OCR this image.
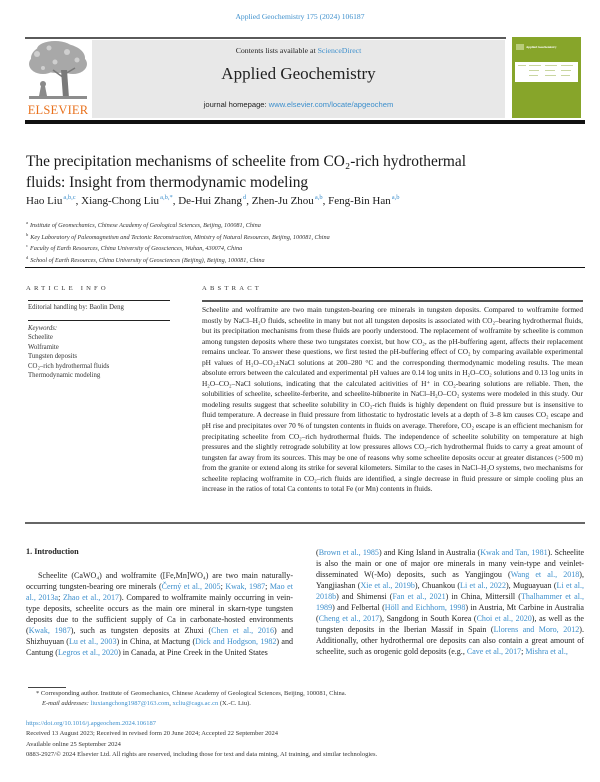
Applied Geochemistry 175 (2024) 106187
ELSEVIER
Contents lists available at ScienceDirect
Applied Geochemistry
journal homepage: www.elsevier.com/locate/apgeochem
Applied Geochemistry
The precipitation mechanisms of scheelite from CO₂-rich hydrothermal
fluids: Insight from thermodynamic modeling
Hao Liu$^{a,b,c}$, Xiang-Chong Liu$^{a,b,*}$, De-Hui Zhang$^d$, Zhen-Ju Zhou$^{a,b}$, Feng-Bin Han$^{a,b}$
$^a$ Institute of Geomechanics, Chinese Academy of Geological Sciences, Beijing, 100081, China
$^b$ Key Laboratory of Paleomagnetism and Tectonic Reconstruction, Ministry of Natural Resources, Beijing, 100081, China
$^c$ Faculty of Earth Resources, China University of Geosciences, Wuhan, 430074, China
$^d$ School of Earth Resources, China University of Geosciences (Beijing), Beijing, 100081, China
ARTICLE INFO
Editorial handling by: Baolin Deng
Keywords:
Scheelite
Wolframite
Tungsten deposits
CO₂–rich hydrothermal fluids
Thermodynamic modeling
ABSTRACT
Scheelite and wolframite are two main tungsten-bearing ore minerals in tungsten deposits. Compared to wolframite formed mostly by NaCl–H₂O fluids, scheelite in many but not all tungsten deposits is associated with CO₂–bearing hydrothermal fluids, but its precipitation mechanisms from these fluids are poorly understood. The replacement of wolframite by scheelite is common among tungsten deposits where these two tungstates coexist, but how CO₂, as the pH-buffering agent, affects their replacement remains unclear. To answer these questions, we first tested the pH-buffering effect of CO₂ by comparing available experimental pH values of H₂O–CO₂±NaCl solutions at 200–280 °C and the corresponding thermodynamic modeling results. The mean absolute errors between the calculated and experimental pH values are 0.14 log units in H₂O–CO₂ solutions and 0.13 log units in H₂O–CO₂–NaCl solutions, indicating that the calculated acitivities of H⁺ in CO₂-bearing solutions are reliable. Then, the solubilities of scheelite, scheelite-ferberite, and scheelite-hübnerite in NaCl–H₂O–CO₂ systems were modeled in this study. Our modeling results suggest that scheelite solubility in CO₂-rich fluids is highly dependent on fluid pressure but is insensitive to fluid temperature. A decrease in fluid pressure from lithostatic to hydrostatic levels at a depth of 3–8 km causes CO₂ escape and pH rise and precipitates over 70 % of tungsten contents in fluids on average. Therefore, CO₂ escape is an efficient mechanism for precipitating scheelite from CO₂–rich hydrothermal fluids. The independence of scheelite solubility on temperature at high pressures and the slightly retrograde solubility at low pressures allows CO₂–rich hydrothermal fluids to carry a great amount of tungsten far away from its sources. This may be one of reasons why some scheelite deposits occur at greater distances (>500 m) from the granite or extend along its strike for several kilometers. Similar to the cases in NaCl–H₂O systems, two mechanisms for scheelite replacing wolframite in CO₂–rich fluids are identified, a single decrease in fluid pressure or simple cooling plus an increase in the ratios of total Ca contents to total Fe (or Mn) contents in fluids.
1. Introduction
Scheelite (CaWO₄) and wolframite ([Fe,Mn]WO₄) are two main naturally-occurring tungsten-bearing ore minerals (Černý et al., 2005; Kwak, 1987; Mao et al., 2013a; Zhao et al., 2017). Compared to wolframite mainly occurring in vein-type deposits, scheelite occurs as the main ore mineral in skarn-type tungsten deposits due to the sufficient supply of Ca in carbonate-hosted environments (Kwak, 1987), such as tungsten deposits at Zhuxi (Chen et al., 2016) and Shizhuyuan (Lu et al., 2003) in China, at Mactung (Dick and Hodgson, 1982) and Cantung (Legros et al., 2020) in Canada, at Pine Creek in the United States
(Brown et al., 1985) and King Island in Australia (Kwak and Tan, 1981). Scheelite is also the main or one of major ore minerals in many vein-type and veinlet-disseminated W(-Mo) deposits, such as Yangjingou (Wang et al., 2018), Yangjiashan (Xie et al., 2019b), Chuankou (Li et al., 2022), Muguayuan (Li et al., 2018b) and Shimensi (Fan et al., 2021) in China, Mittersill (Thalhammer et al., 1989) and Felbertal (Höll and Eichhorn, 1998) in Austria, Mt Carbine in Australia (Cheng et al., 2017), Sangdong in South Korea (Choi et al., 2020), as well as the tungsten deposits in the Iberian Massif in Spain (Llorens and Moro, 2012). Additionally, other hydrothermal ore deposits can also contain a great amount of scheelite, such as orogenic gold deposits (e.g., Cave et al., 2017; Mishra et al.,
* Corresponding author. Institute of Geomechanics, Chinese Academy of Geological Sciences, Beijing, 100081, China.
E-mail addresses: liuxiangchong1987@163.com, xcliu@cags.ac.cn (X.-C. Liu).
https://doi.org/10.1016/j.apgeochem.2024.106187
Received 13 August 2023; Received in revised form 20 June 2024; Accepted 22 September 2024
Available online 25 September 2024
0883-2927/© 2024 Elsevier Ltd. All rights are reserved, including those for text and data mining, AI training, and similar technologies.
